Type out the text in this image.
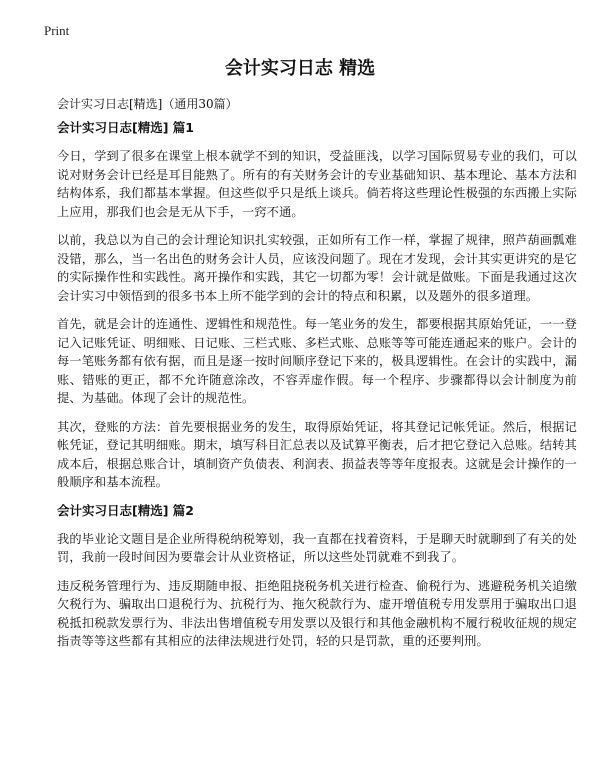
Print
会计实习日志 精选

会计实习日志[精选]（通用30篇）

会计实习日志[精选] 篇1

今日，学到了很多在课堂上根本就学不到的知识，受益匪浅，以学习国际贸易专业的我们，可以说对财务会计已经是耳目能熟了。所有的有关财务会计的专业基础知识、基本理论、基本方法和结构体系，我们都基本掌握。但这些似乎只是纸上谈兵。倘若将这些理论性极强的东西搬上实际上应用，那我们也会是无从下手，一窍不通。

以前，我总以为自己的会计理论知识扎实较强，正如所有工作一样，掌握了规律，照芦葫画瓢难没错，那么，当一名出色的财务会计人员，应该没问题了。现在才发现，会计其实更讲究的是它的实际操作性和实践性。离开操作和实践，其它一切都为零！会计就是做账。下面是我通过这次会计实习中领悟到的很多书本上所不能学到的会计的特点和积累，以及题外的很多道理。

首先，就是会计的连通性、逻辑性和规范性。每一笔业务的发生，都要根据其原始凭证，一一登记入记账凭证、明细账、日记账、三栏式账、多栏式账、总账等等可能连通起来的账户。会计的每一笔账务都有依有据，而且是逐一按时间顺序登记下来的，极具逻辑性。在会计的实践中，漏账、错账的更正，都不允许随意涂改，不容弄虚作假。每一个程序、步骤都得以会计制度为前提、为基础。体现了会计的规范性。

其次，登账的方法：首先要根据业务的发生，取得原始凭证，将其登记记帐凭证。然后，根据记帐凭证，登记其明细账。期末，填写科目汇总表以及试算平衡表，后才把它登记入总账。结转其成本后，根据总账合计，填制资产负债表、利润表、损益表等等年度报表。这就是会计操作的一般顺序和基本流程。

会计实习日志[精选] 篇2

我的毕业论文题目是企业所得税纳税筹划，我一直都在找着资料，于是聊天时就聊到了有关的处罚，我前一段时间因为要靠会计从业资格证，所以这些处罚就难不到我了。

违反税务管理行为、违反期随申报、拒绝阻挠税务机关进行检查、偷税行为、逃避税务机关追缴欠税行为、骗取出口退税行为、抗税行为、拖欠税款行为、虚开增值税专用发票用于骗取出口退税抵扣税款发票行为、非法出售增值税专用发票以及银行和其他金融机构不履行税收征规的规定指责等等这些都有其相应的法律法规进行处罚，轻的只是罚款，重的还要判刑。
